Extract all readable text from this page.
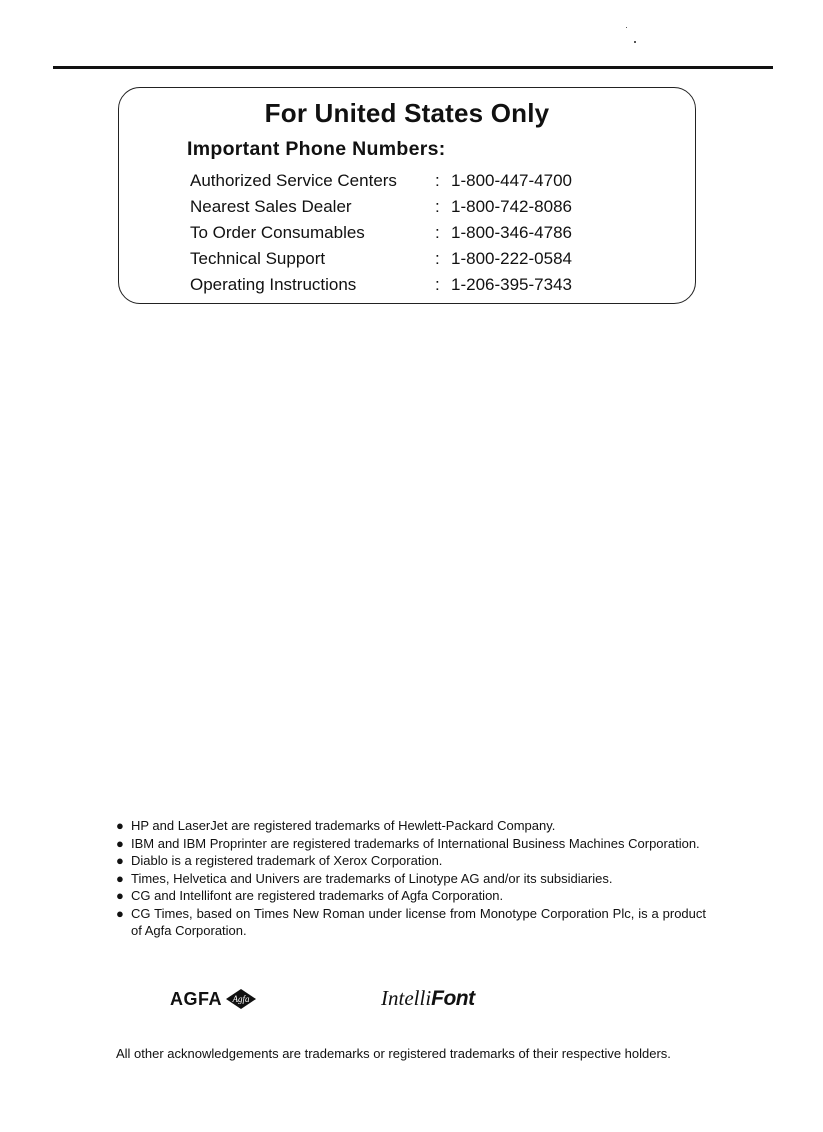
For United States Only
Important Phone Numbers:
Authorized Service Centers : 1-800-447-4700
Nearest Sales Dealer	: 1-800-742-8086
To Order Consumables	: 1-800-346-4786
Technical Support	: 1-800-222-0584
Operating Instructions	: 1-206-395-7343
● HP and LaserJet are registered trademarks of Hewlett-Packard Company.
● IBM and IBM Proprinter are registered trademarks of International Business Machines Corporation.
● Diablo is a registered trademark of Xerox Corporation.
● Times, Helvetica and Univers are trademarks of Linotype AG and/or its subsidiaries.
● CG and Intellifont are registered trademarks of Agfa Corporation.
● CG Times, based on Times New Roman under license from Monotype Corporation Plc, is a product of Agfa Corporation.
AGFA Agfa	IntelliFont
All other acknowledgements are trademarks or registered trademarks of their respective holders.
